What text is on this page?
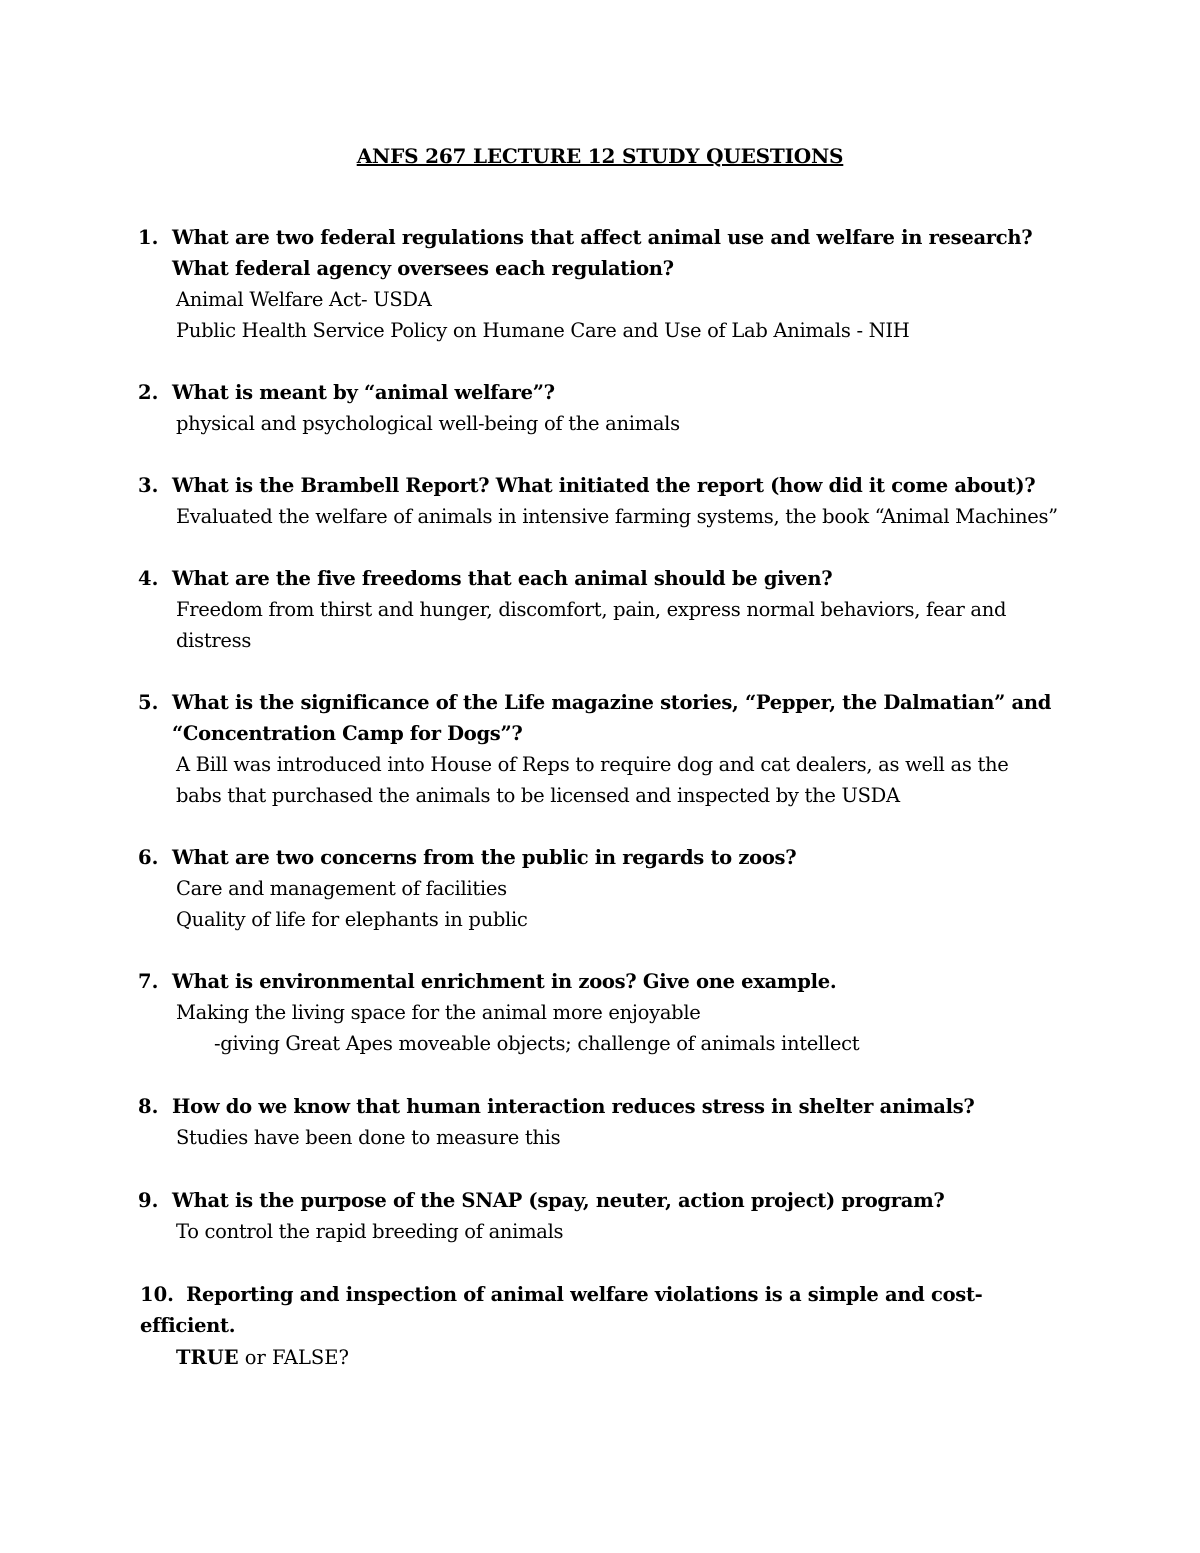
ANFS 267 LECTURE 12 STUDY QUESTIONS
1. What are two federal regulations that affect animal use and welfare in research? What federal agency oversees each regulation?
Animal Welfare Act- USDA
Public Health Service Policy on Humane Care and Use of Lab Animals - NIH
2. What is meant by “animal welfare”?
physical and psychological well-being of the animals
3. What is the Brambell Report? What initiated the report (how did it come about)?
Evaluated the welfare of animals in intensive farming systems, the book “Animal Machines”
4. What are the five freedoms that each animal should be given?
Freedom from thirst and hunger, discomfort, pain, express normal behaviors, fear and distress
5. What is the significance of the Life magazine stories, “Pepper, the Dalmatian” and “Concentration Camp for Dogs”?
A Bill was introduced into House of Reps to require dog and cat dealers, as well as the babs that purchased the animals to be licensed and inspected by the USDA
6. What are two concerns from the public in regards to zoos?
Care and management of facilities
Quality of life for elephants in public
7. What is environmental enrichment in zoos? Give one example.
Making the living space for the animal more enjoyable
-giving Great Apes moveable objects; challenge of animals intellect
8. How do we know that human interaction reduces stress in shelter animals?
Studies have been done to measure this
9. What is the purpose of the SNAP (spay, neuter, action project) program?
To control the rapid breeding of animals
10. Reporting and inspection of animal welfare violations is a simple and cost-efficient.
TRUE or FALSE?
